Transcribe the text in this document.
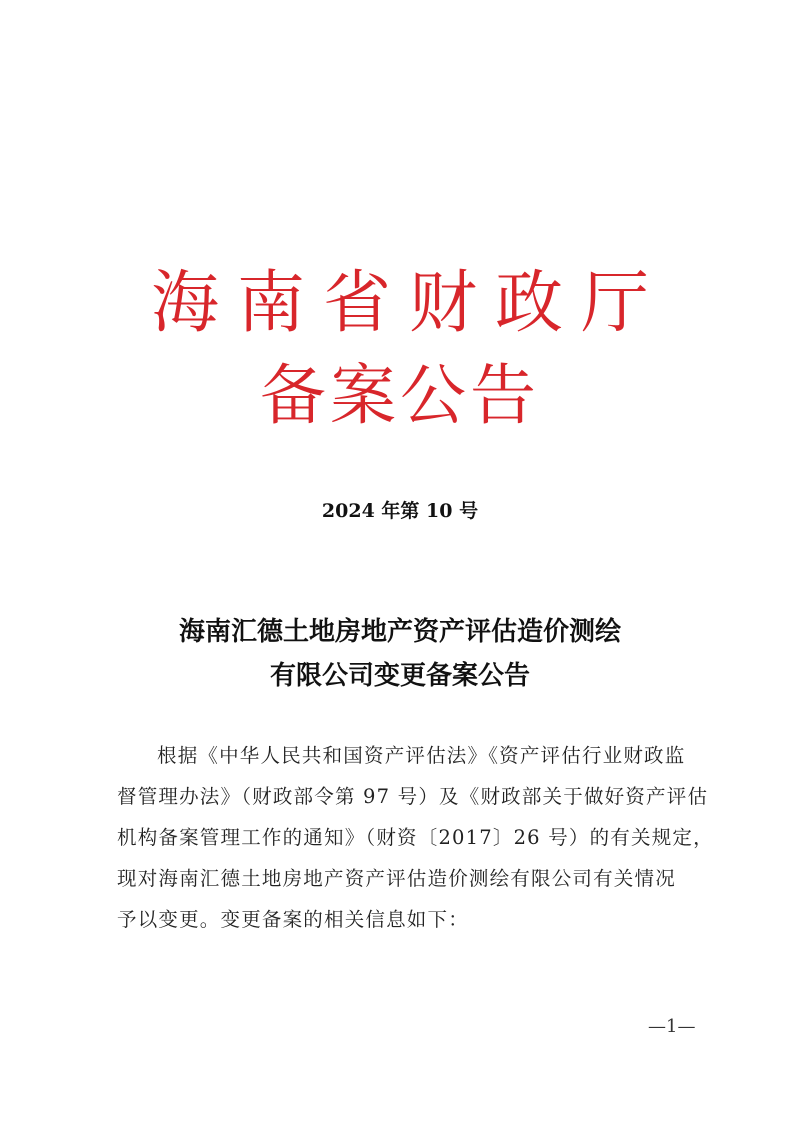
海南省财政厅
备案公告
2024 年第 10 号
海南汇德土地房地产资产评估造价测绘
有限公司变更备案公告
根据《中华人民共和国资产评估法》《资产评估行业财政监
督管理办法》（财政部令第 97 号）及《财政部关于做好资产评估
机构备案管理工作的通知》（财资〔2017〕26 号）的有关规定，
现对海南汇德土地房地产资产评估造价测绘有限公司有关情况
予以变更。变更备案的相关信息如下：
—1—
